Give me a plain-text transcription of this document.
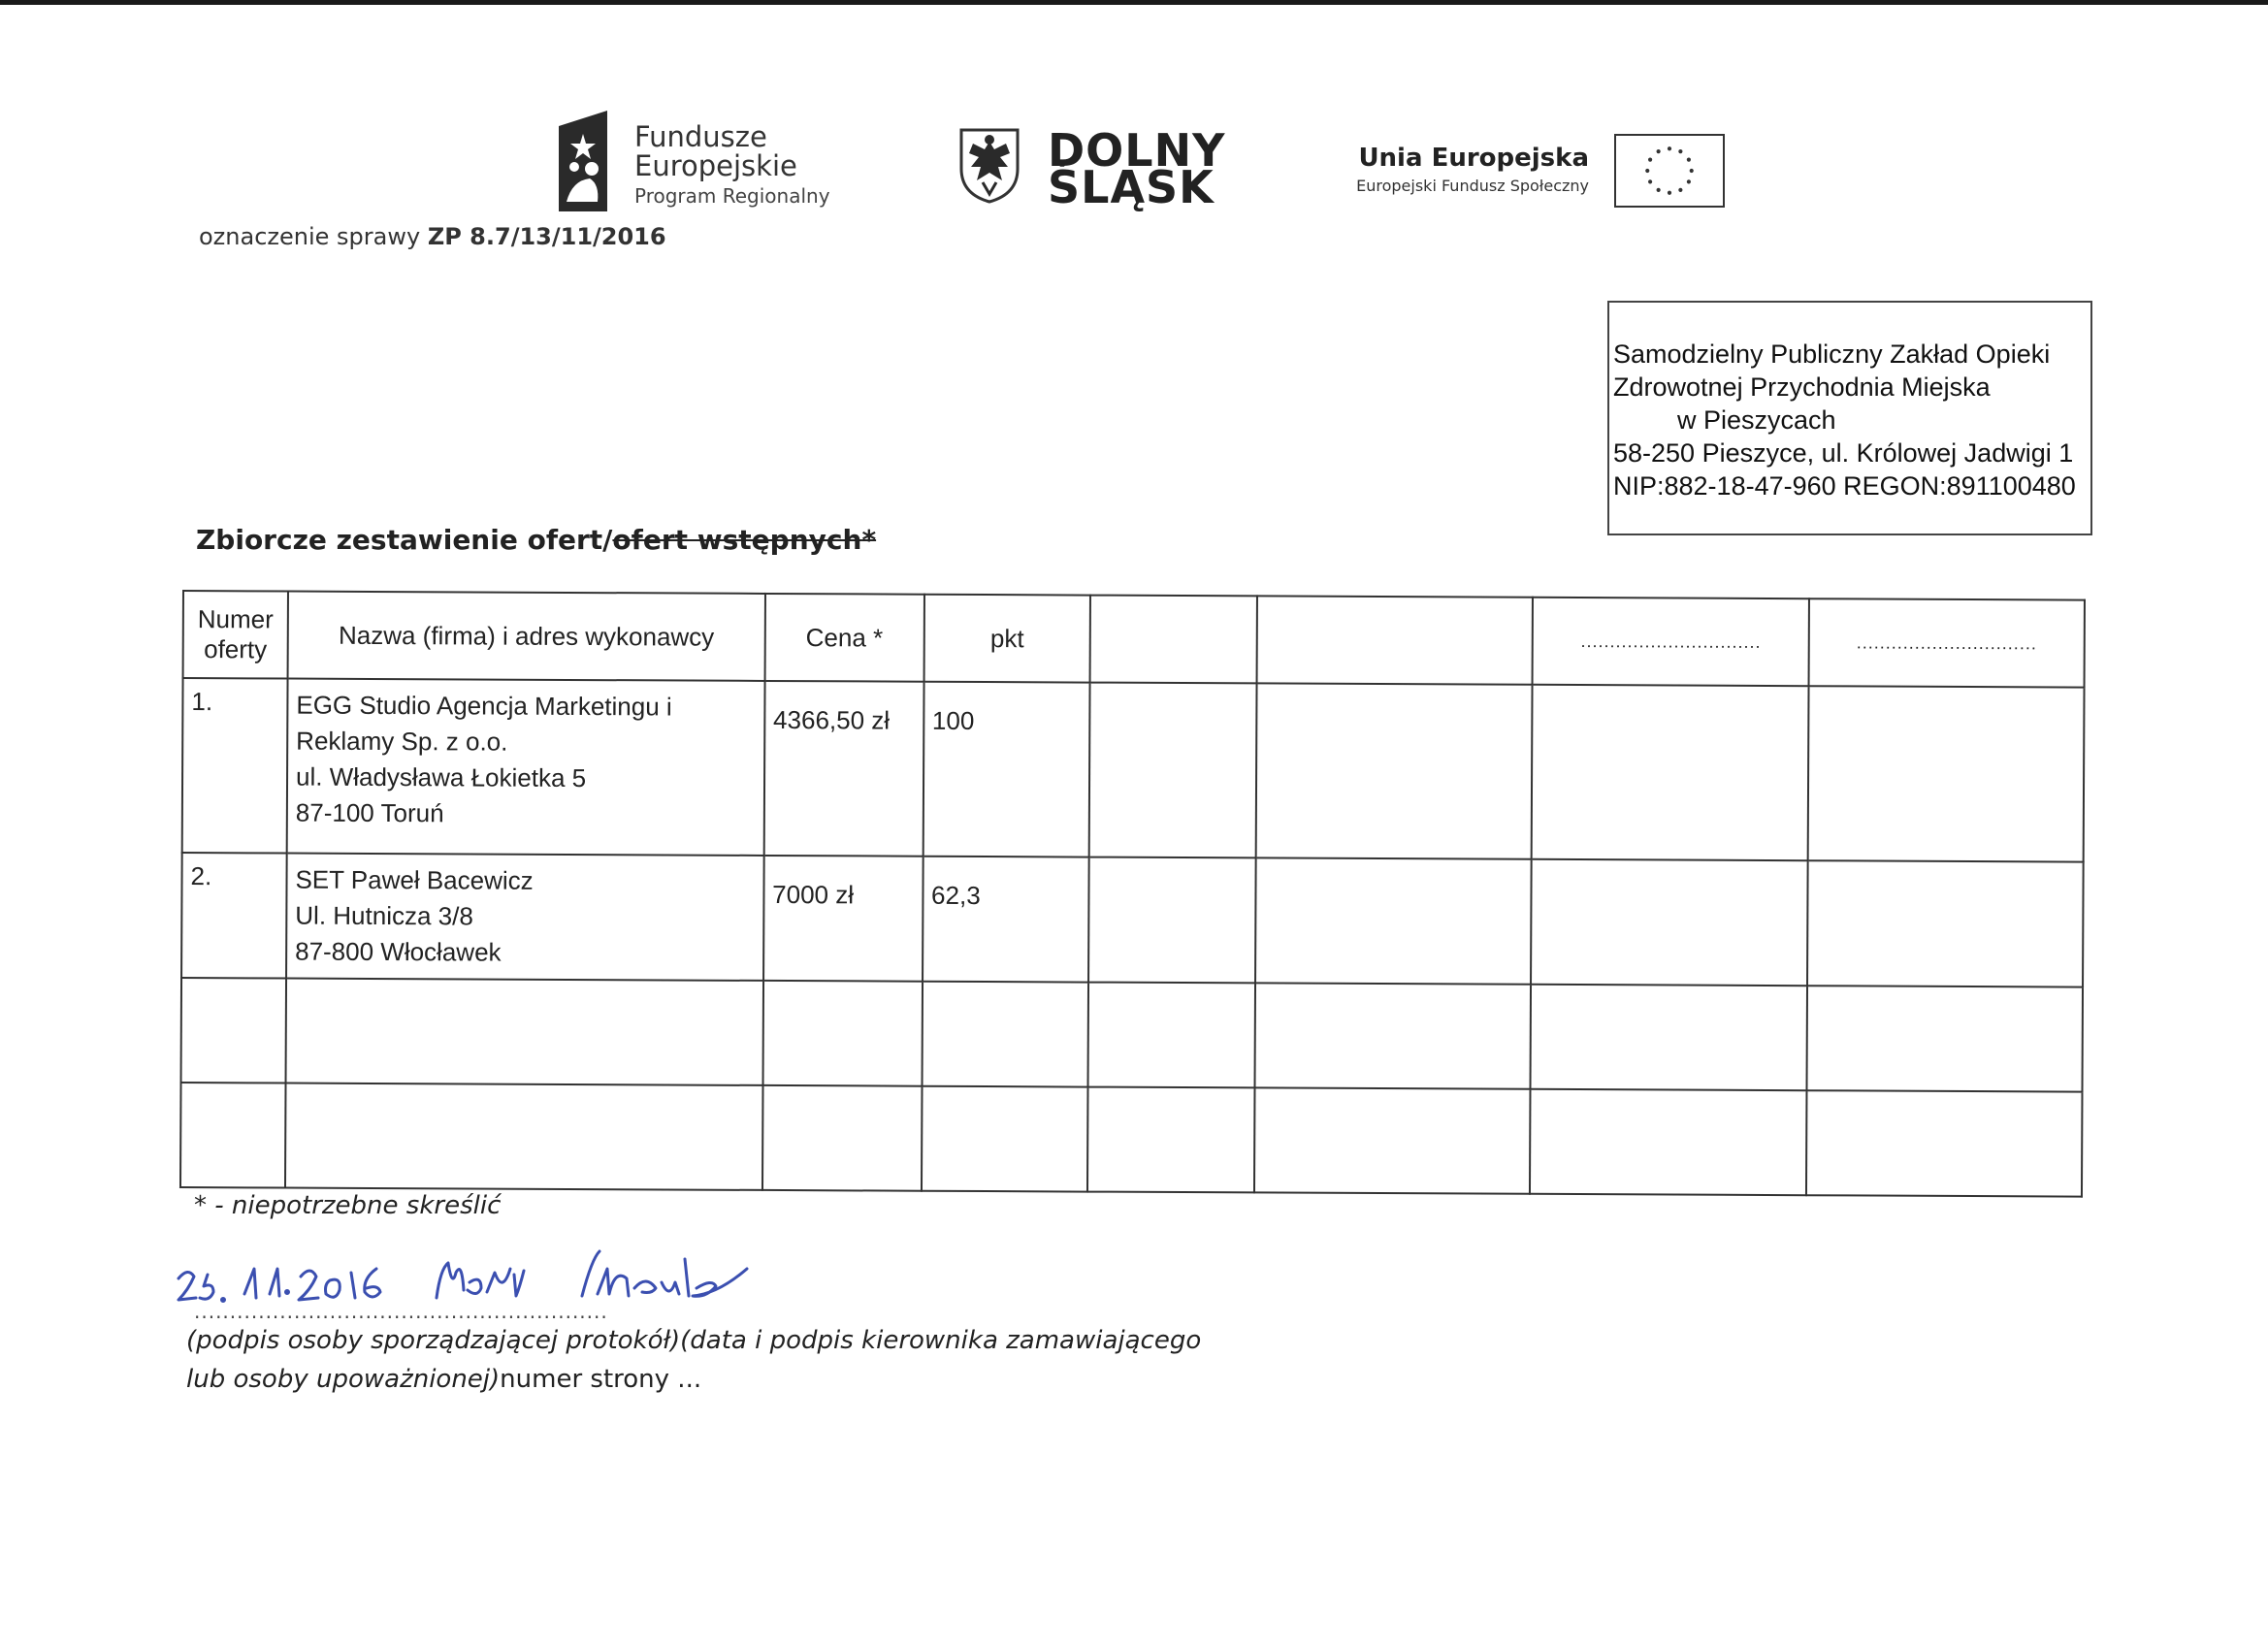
Fundusze
Europejskie
Program Regionalny
DOLNY
ŚLĄSK
Unia Europejska
Europejski Fundusz Społeczny
oznaczenie sprawy ZP 8.7/13/11/2016
Samodzielny Publiczny Zakład Opieki
Zdrowotnej Przychodnia Miejska
w Pieszycach
58-250 Pieszyce, ul. Królowej Jadwigi 1
NIP:882-18-47-960 REGON:891100480
Zbiorcze zestawienie ofert/ofert wstępnych*
Numer oferty	Nazwa (firma) i adres wykonawcy	Cena *	pkt			...............................	...............................
1.	EGG Studio Agencja Marketingu i
Reklamy Sp. z o.o.
ul. Władysława Łokietka 5
87-100 Toruń	4366,50 zł	100				
2.	SET Paweł Bacewicz
Ul. Hutnicza 3/8
87-800 Włocławek	7000 zł	62,3				

* - niepotrzebne skreślić
..........................................................
(podpis osoby sporządzającej protokół)(data i podpis kierownika zamawiającego
lub osoby upoważnionej)numer strony ...
